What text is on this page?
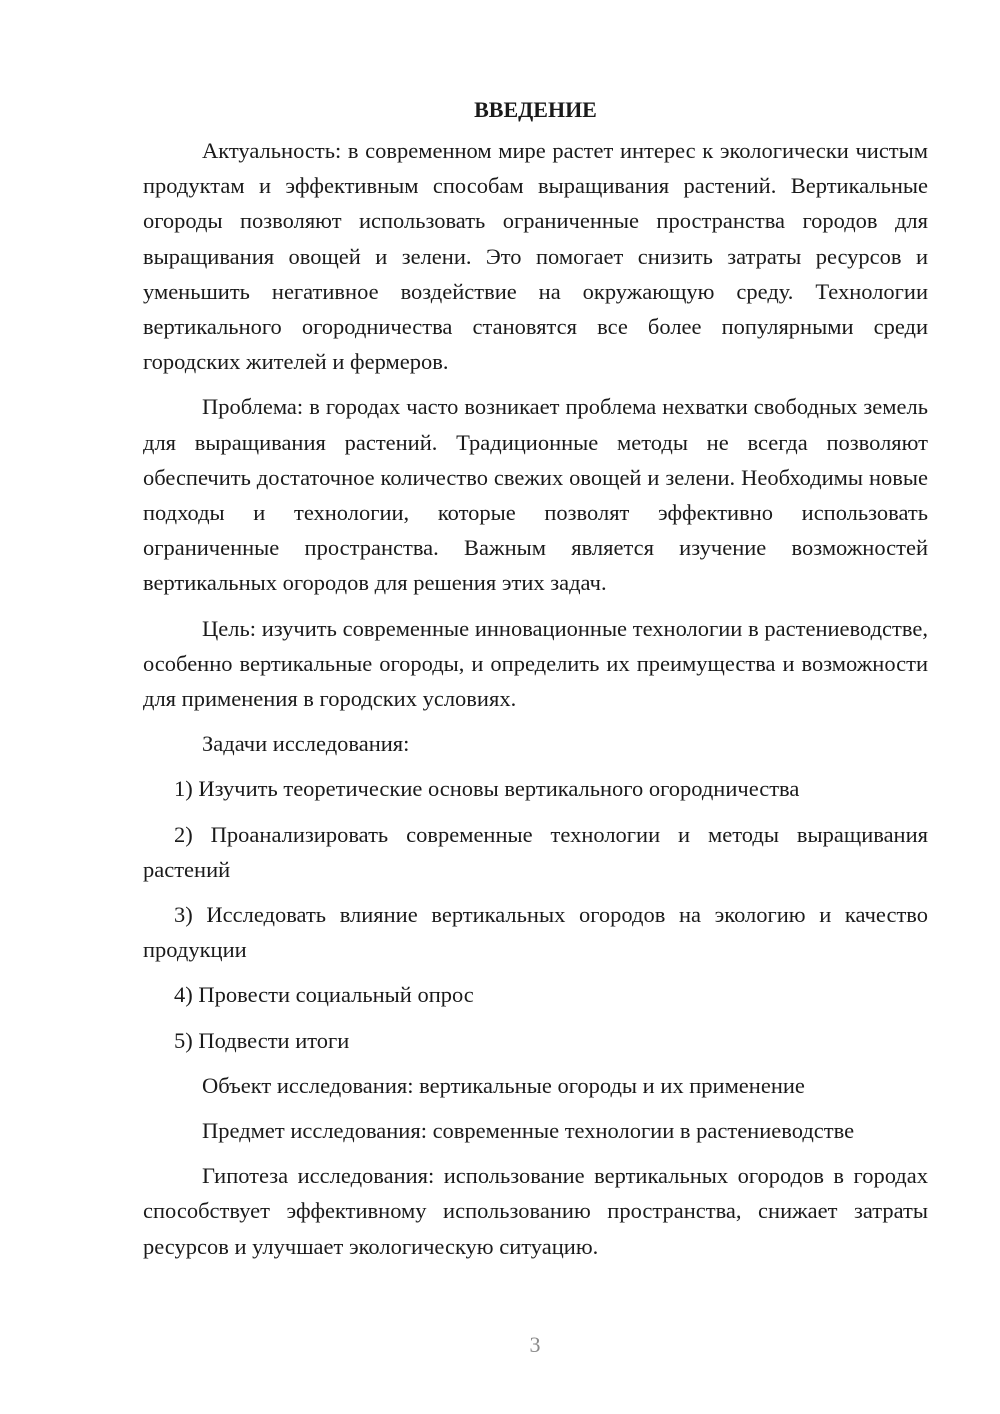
ВВЕДЕНИЕ

Актуальность: в современном мире растет интерес к экологически чистым продуктам и эффективным способам выращивания растений. Вертикальные огороды позволяют использовать ограниченные пространства городов для выращивания овощей и зелени. Это помогает снизить затраты ресурсов и уменьшить негативное воздействие на окружающую среду. Технологии вертикального огородничества становятся все более популярными среди городских жителей и фермеров.

Проблема: в городах часто возникает проблема нехватки свободных земель для выращивания растений. Традиционные методы не всегда позволяют обеспечить достаточное количество свежих овощей и зелени. Необходимы новые подходы и технологии, которые позволят эффективно использовать ограниченные пространства. Важным является изучение возможностей вертикальных огородов для решения этих задач.

Цель: изучить современные инновационные технологии в растениеводстве, особенно вертикальные огороды, и определить их преимущества и возможности для применения в городских условиях.

Задачи исследования:

1) Изучить теоретические основы вертикального огородничества

2) Проанализировать современные технологии и методы выращивания растений

3) Исследовать влияние вертикальных огородов на экологию и качество продукции

4) Провести социальный опрос

5) Подвести итоги

Объект исследования: вертикальные огороды и их применение

Предмет исследования: современные технологии в растениеводстве

Гипотеза исследования: использование вертикальных огородов в городах способствует эффективному использованию пространства, снижает затраты ресурсов и улучшает экологическую ситуацию.

3
